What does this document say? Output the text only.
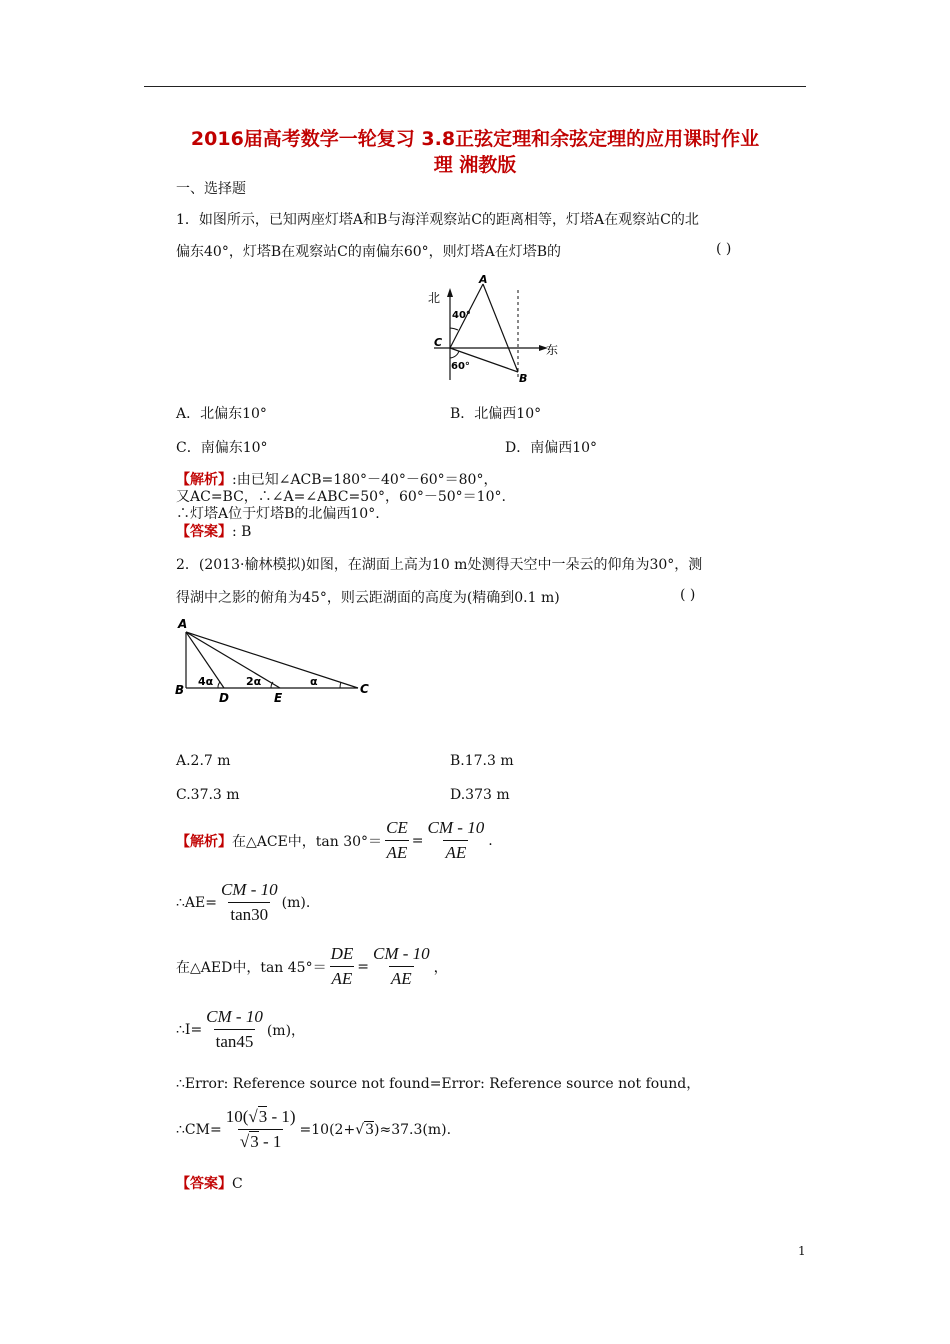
2016届高考数学一轮复习 3.8正弦定理和余弦定理的应用课时作业
理 湘教版
一、选择题
1．如图所示，已知两座灯塔A和B与海洋观察站C的距离相等，灯塔A在观察站C的北
偏东40°，灯塔B在观察站C的南偏东60°，则灯塔A在灯塔B的	( )
北
东
A
B
C
40°
60°
A．北偏东10°	B．北偏西10°
C．南偏东10°	D．南偏西10°
【解析】:由已知∠ACB=180°－40°－60°＝80°，
又AC=BC，∴∠A=∠ABC=50°，60°－50°＝10°.
∴灯塔A位于灯塔B的北偏西10°.
【答案】: B
2．(2013·榆林模拟)如图，在湖面上高为10 m处测得天空中一朵云的仰角为30°，测
得湖中之影的俯角为45°，则云距湖面的高度为(精确到0.1 m)	( )
A
B
D	E
C
4α	2α	α
A.2.7 m	B.17.3 m
C.37.3 m	D.373 m
【解析】 在△ACE中，$\tan 30^\circ= \frac{CE}{AE} = \frac{CM - 10}{AE}$ .
∴AE= $\frac{CM - 10}{\tan 30} (m)$.
在△AED中，$\tan 45^\circ= \frac{DE}{AE} = \frac{CM - 10}{AE}$ ，
∴I= $\frac{CM - 10}{\tan 45} (m)$，
∴Error: Reference source not found=Error: Reference source not found，
∴CM= $\frac{10(√3 - 1)}{√3 - 1} =10(2+$ √ 3 )≈37.3(m).
【答案】C
1
